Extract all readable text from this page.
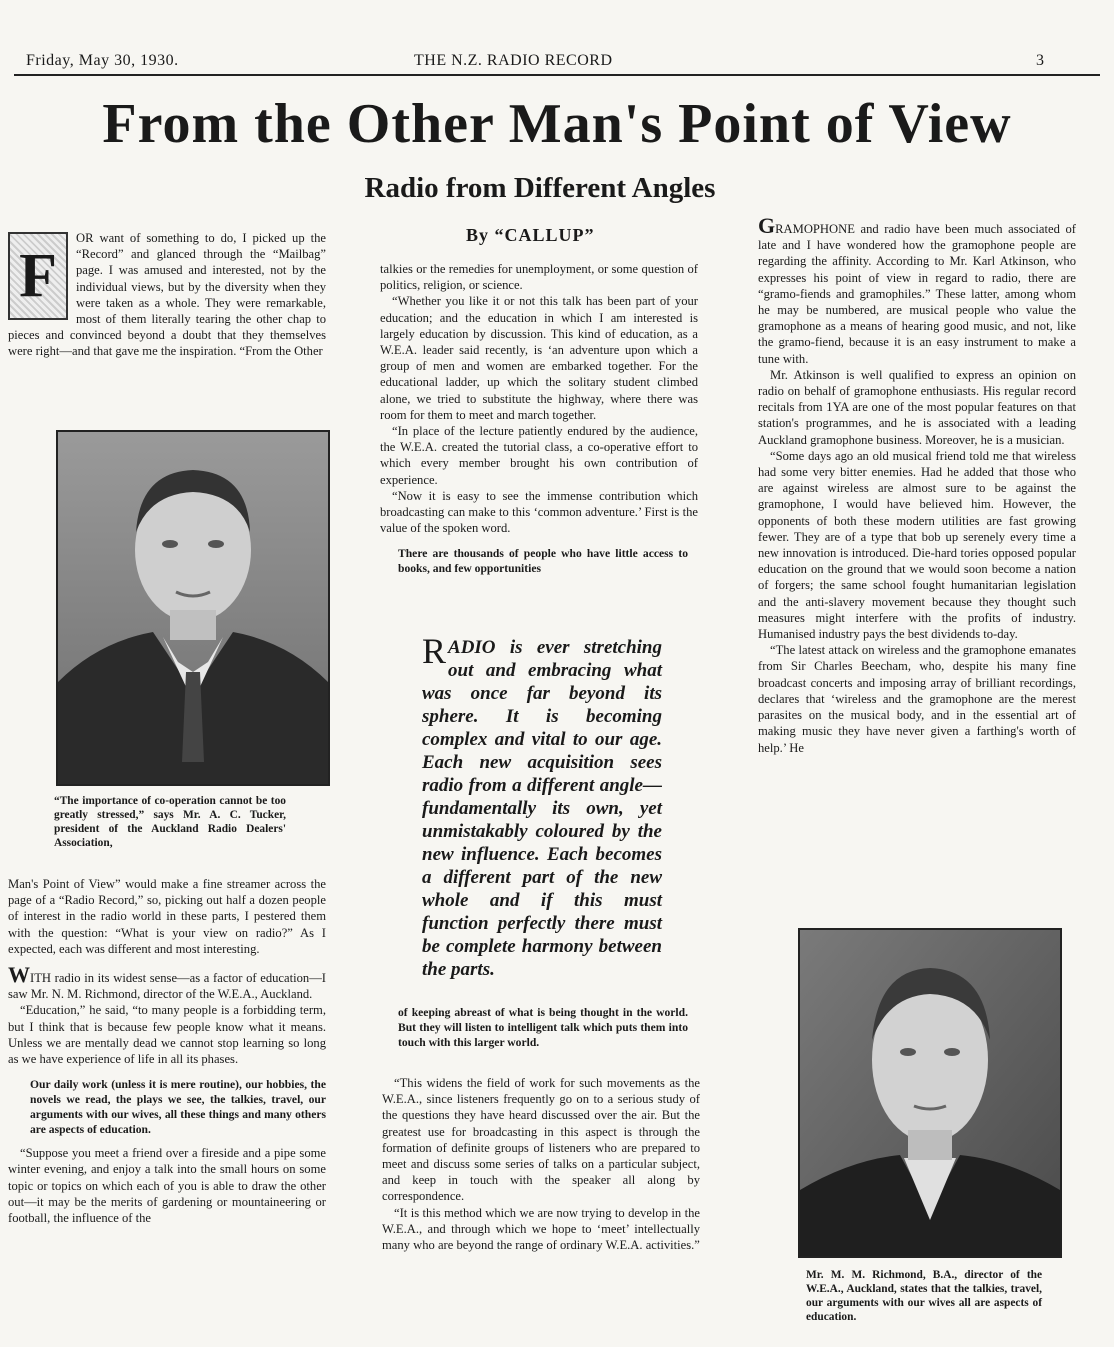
Friday, May 30, 1930.	THE N.Z. RADIO RECORD	3
From the Other Man's Point of View
Radio from Different Angles
F

OR want of something to do, I picked up the “Record” and glanced through the “Mailbag” page. I was amused and interested, not by the individual views, but by the diversity when they were taken as a whole. They were remarkable, most of them literally tearing the other chap to pieces and convinced beyond a doubt that they themselves were right—and that gave me the inspiration. “From the Other

“The importance of co-operation cannot be too greatly stressed,” says Mr. A. C. Tucker, president of the Auckland Radio Dealers' Association,

Man's Point of View” would make a fine streamer across the page of a “Radio Record,” so, picking out half a dozen people of interest in the radio world in these parts, I pestered them with the question: “What is your view on radio?” As I expected, each was different and most interesting.

WITH radio in its widest sense—as a factor of education—I saw Mr. N. M. Richmond, director of the W.E.A., Auckland.

“Education,” he said, “to many people is a forbidding term, but I think that is because few people know what it means. Unless we are mentally dead we cannot stop learning so long as we have experience of life in all its phases.

Our daily work (unless it is mere routine), our hobbies, the novels we read, the plays we see, the talkies, travel, our arguments with our wives, all these things and many others are aspects of education.

“Suppose you meet a friend over a fireside and a pipe some winter evening, and enjoy a talk into the small hours on some topic or topics on which each of you is able to draw the other out—it may be the merits of gardening or mountaineering or football, the influence of the

By “CALLUP”

talkies or the remedies for unemployment, or some question of politics, religion, or science.

“Whether you like it or not this talk has been part of your education; and the education in which I am interested is largely education by discussion. This kind of education, as a W.E.A. leader said recently, is ‘an adventure upon which a group of men and women are embarked together. For the educational ladder, up which the solitary student climbed alone, we tried to substitute the highway, where there was room for them to meet and march together.

“In place of the lecture patiently endured by the audience, the W.E.A. created the tutorial class, a co-operative effort to which every member brought his own contribution of experience.

“Now it is easy to see the immense contribution which broadcasting can make to this ‘common adventure.’ First is the value of the spoken word.

There are thousands of people who have little access to books, and few opportunities

RADIO is ever stretching out and embracing what was once far beyond its sphere. It is becoming complex and vital to our age. Each new acquisition sees radio from a different angle—fundamentally its own, yet unmistakably coloured by the new influence. Each becomes a different part of the new whole and if this must function perfectly there must be complete harmony between the parts.
of keeping abreast of what is being thought in the world. But they will listen to intelligent talk which puts them into touch with this larger world.

“This widens the field of work for such movements as the W.E.A., since listeners frequently go on to a serious study of the questions they have heard discussed over the air. But the greatest use for broadcasting in this aspect is through the formation of definite groups of listeners who are prepared to meet and discuss some series of talks on a particular subject, and keep in touch with the speaker all along by correspondence.

“It is this method which we are now trying to develop in the W.E.A., and through which we hope to ‘meet’ intellectually many who are beyond the range of ordinary W.E.A. activities.”

GRAMOPHONE and radio have been much associated of late and I have wondered how the gramophone people are regarding the affinity. According to Mr. Karl Atkinson, who expresses his point of view in regard to radio, there are “gramo-fiends and gramophiles.” These latter, among whom he may be numbered, are musical people who value the gramophone as a means of hearing good music, and not, like the gramo-fiend, because it is an easy instrument to make a tune with.

Mr. Atkinson is well qualified to express an opinion on radio on behalf of gramophone enthusiasts. His regular record recitals from 1YA are one of the most popular features on that station's programmes, and he is associated with a leading Auckland gramophone business. Moreover, he is a musician.

“Some days ago an old musical friend told me that wireless had some very bitter enemies. Had he added that those who are against wireless are almost sure to be against the gramophone, I would have believed him. However, the opponents of both these modern utilities are fast growing fewer. They are of a type that bob up serenely every time a new innovation is introduced. Die-hard tories opposed popular education on the ground that we would soon become a nation of forgers; the same school fought humanitarian legislation and the anti-slavery movement because they thought such measures might interfere with the profits of industry. Humanised industry pays the best dividends to-day.

“The latest attack on wireless and the gramophone emanates from Sir Charles Beecham, who, despite his many fine broadcast concerts and imposing array of brilliant recordings, declares that ‘wireless and the gramophone are the merest parasites on the musical body, and in the essential art of making music they have never given a farthing's worth of help.’ He

Mr. M. M. Richmond, B.A., director of the W.E.A., Auckland, states that the talkies, travel, our arguments with our wives all are aspects of education.
